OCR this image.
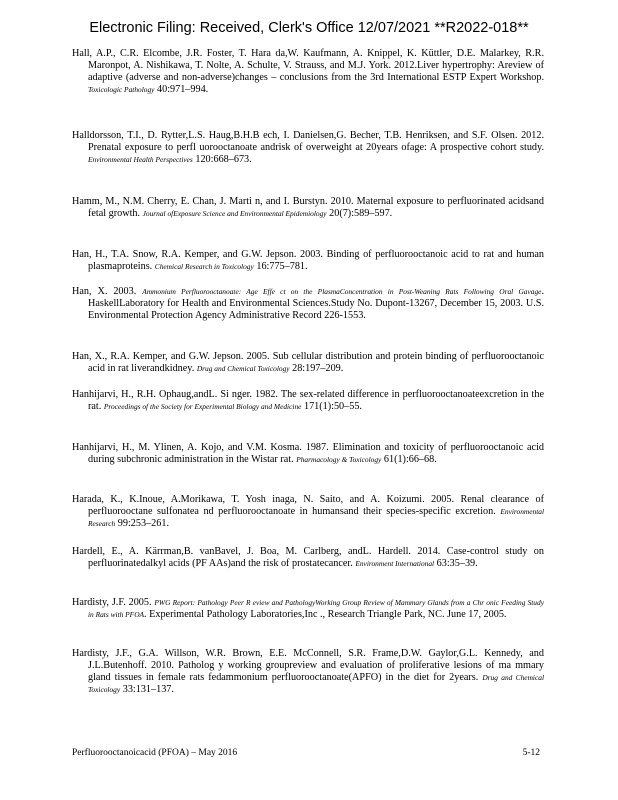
Electronic Filing: Received, Clerk's Office 12/07/2021 **R2022-018**

Hall, A.P., C.R. Elcombe, J.R. Foster, T. Hara da,W. Kaufmann, A. Knippel, K. Küttler, D.E. Malarkey, R.R. Maronpot, A. Nishikawa, T. Nolte, A. Schulte, V. Strauss, and M.J. York. 2012.Liver hypertrophy: Areview of adaptive (adverse and non-adverse)changes – conclusions from the 3rd International ESTP Expert Workshop. Toxicologic Pathology 40:971–994.

Halldorsson, T.I., D. Rytter,L.S. Haug,B.H.B ech, I. Danielsen,G. Becher, T.B. Henriksen, and S.F. Olsen. 2012. Prenatal exposure to perfl uorooctanoate andrisk of overweight at 20years ofage: A prospective cohort study. Environmental Health Perspectives 120:668–673.

Hamm, M., N.M. Cherry, E. Chan, J. Marti n, and I. Burstyn. 2010. Maternal exposure to perfluorinated acidsand fetal growth. Journal ofExposure Science and Environmental Epidemiology 20(7):589–597.

Han, H., T.A. Snow, R.A. Kemper, and G.W. Jepson. 2003. Binding of perfluorooctanoic acid to rat and human plasmaproteins. Chemical Research in Toxicology 16:775–781.

Han, X. 2003. Ammonium Perfluorooctanoate: Age Effe ct on the PlasmaConcentration in Post-Weaning Rats Following Oral Gavage. HaskellLaboratory for Health and Environmental Sciences.Study No. Dupont-13267, December 15, 2003. U.S. Environmental Protection Agency Administrative Record 226-1553.

Han, X., R.A. Kemper, and G.W. Jepson. 2005. Sub cellular distribution and protein binding of perfluorooctanoic acid in rat liverandkidney. Drug and Chemical Toxicology 28:197–209.

Hanhijarvi, H., R.H. Ophaug,andL. Si nger. 1982. The sex-related difference in perfluorooctanoateexcretion in the rat. Proceedings of the Society for Experimental Biology and Medicine 171(1):50–55.

Hanhijarvi, H., M. Ylinen, A. Kojo, and V.M. Kosma. 1987. Elimination and toxicity of perfluorooctanoic acid during subchronic administration in the Wistar rat. Pharmacology & Toxicology 61(1):66–68.

Harada, K., K.Inoue, A.Morikawa, T. Yosh inaga, N. Saito, and A. Koizumi. 2005. Renal clearance of perfluorooctane sulfonatea nd perfluorooctanoate in humansand their species-specific excretion. Environmental Research 99:253–261.

Hardell, E., A. Kärrman,B. vanBavel, J. Boa, M. Carlberg, andL. Hardell. 2014. Case-control study on perfluorinatedalkyl acids (PF AAs)and the risk of prostatecancer. Environment International 63:35–39.

Hardisty, J.F. 2005. PWG Report: Pathology Peer R eview and PathologyWorking Group Review of Mammary Glands from a Chr onic Feeding Study in Rats with PFOA. Experimental Pathology Laboratories,Inc ., Research Triangle Park, NC. June 17, 2005.

Hardisty, J.F., G.A. Willson, W.R. Brown, E.E. McConnell, S.R. Frame,D.W. Gaylor,G.L. Kennedy, and J.L.Butenhoff. 2010. Patholog y working groupreview and evaluation of proliferative lesions of ma mmary gland tissues in female rats fedammonium perfluorooctanoate(APFO) in the diet for 2years. Drug and Chemical Toxicology 33:131–137.

Perfluorooctanoicacid (PFOA) – May 2016	5-12
